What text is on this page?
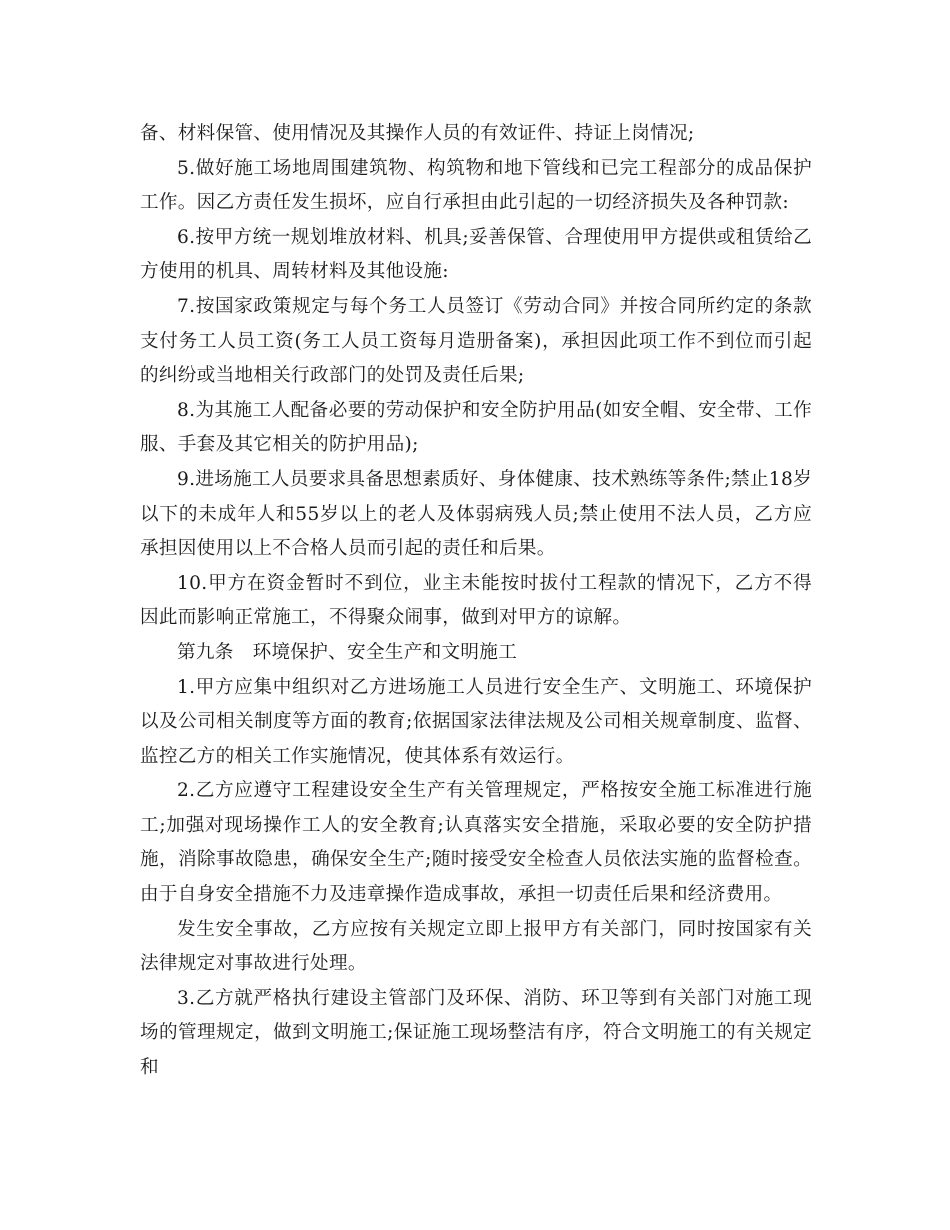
备、材料保管、使用情况及其操作人员的有效证件、持证上岗情况;

5.做好施工场地周围建筑物、构筑物和地下管线和已完工程部分的成品保护工作。因乙方责任发生损坏，应自行承担由此引起的一切经济损失及各种罚款:

6.按甲方统一规划堆放材料、机具;妥善保管、合理使用甲方提供或租赁给乙方使用的机具、周转材料及其他设施:

7.按国家政策规定与每个务工人员签订《劳动合同》并按合同所约定的条款支付务工人员工资(务工人员工资每月造册备案)，承担因此项工作不到位而引起的纠纷或当地相关行政部门的处罚及责任后果;

8.为其施工人配备必要的劳动保护和安全防护用品(如安全帽、安全带、工作服、手套及其它相关的防护用品);

9.进场施工人员要求具备思想素质好、身体健康、技术熟练等条件;禁止18岁以下的未成年人和55岁以上的老人及体弱病残人员;禁止使用不法人员，乙方应承担因使用以上不合格人员而引起的责任和后果。

10.甲方在资金暂时不到位，业主未能按时拔付工程款的情况下，乙方不得因此而影响正常施工，不得聚众闹事，做到对甲方的谅解。

第九条　环境保护、安全生产和文明施工

1.甲方应集中组织对乙方进场施工人员进行安全生产、文明施工、环境保护以及公司相关制度等方面的教育;依据国家法律法规及公司相关规章制度、监督、监控乙方的相关工作实施情况，使其体系有效运行。

2.乙方应遵守工程建设安全生产有关管理规定，严格按安全施工标准进行施工;加强对现场操作工人的安全教育;认真落实安全措施，采取必要的安全防护措施，消除事故隐患，确保安全生产;随时接受安全检查人员依法实施的监督检查。由于自身安全措施不力及违章操作造成事故，承担一切责任后果和经济费用。

发生安全事故，乙方应按有关规定立即上报甲方有关部门，同时按国家有关法律规定对事故进行处理。

3.乙方就严格执行建设主管部门及环保、消防、环卫等到有关部门对施工现场的管理规定，做到文明施工;保证施工现场整洁有序，符合文明施工的有关规定和
